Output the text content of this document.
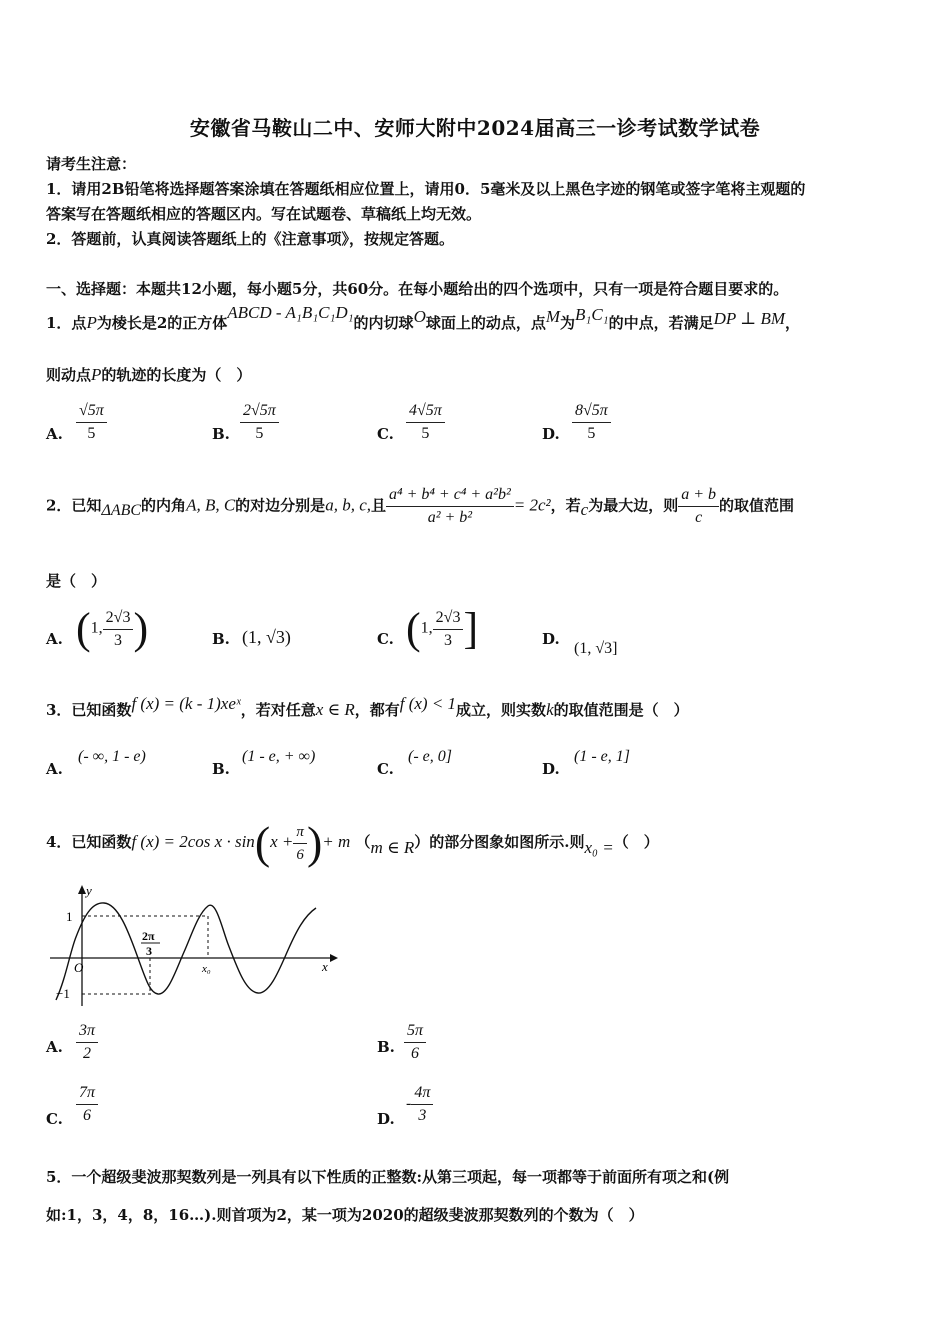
安徽省马鞍山二中、安师大附中2024届高三一诊考试数学试卷
请考生注意：
1．请用2B铅笔将选择题答案涂填在答题纸相应位置上，请用0．5毫米及以上黑色字迹的钢笔或签字笔将主观题的
答案写在答题纸相应的答题区内。写在试题卷、草稿纸上均无效。
2．答题前，认真阅读答题纸上的《注意事项》，按规定答题。
一、选择题：本题共12小题，每小题5分，共60分。在每小题给出的四个选项中，只有一项是符合题目要求的。
1．点P为棱长是2的正方体ABCD - A₁B₁C₁D₁的内切球O球面上的动点，点M为B₁C₁的中点，若满足DP ⊥ BM，
则动点P的轨迹的长度为（　）
A. $\frac{√5\pi}{5}$	B. $\frac{2√5\pi}{5}$	C. $\frac{4√5\pi}{5}$	D. $\frac{8√5\pi}{5}$
2．已知ΔABC的内角A, B, C的对边分别是a, b, c,且 $\frac{\text{a⁴ + b⁴ + c⁴ + a²b²}}{\text{a² + b²}} = 2c^2$，若c为最大边，则 $\frac{a + b}{c}$ 的取值范围
是（　）
A. (1, $\frac{2√3}{3}$ )	B. (1, √3)	C. (1, $\frac{2√3}{3}$ ]	D.
(1, √3]
3．已知函数f (x) = (k - 1)xeˣ，若对任意x ∈ R，都有f (x) < 1成立，则实数k的取值范围是（　）
A.
(- ∞, 1 - e)
B.
(1 - e, + ∞)
C.
(- e, 0]
D.
(1 - e, 1]
4．已知函数f (x) = 2cos $x \cdot \sin(x + \frac{\pi}{6}$ )+ m （m ∈ R）的部分图象如图所示.则x₀ =（　）
y
x
O
1
−1
2π
3
x₀
A. $\frac{3\pi}{2}$	B. $\frac{5\pi}{6}$
C. $\frac{7\pi}{6}$	D.
- $\frac{4\pi}{3}$
5．一个超级斐波那契数列是一列具有以下性质的正整数:从第三项起，每一项都等于前面所有项之和(例
如:1，3，4，8，16…).则首项为2，某一项为2020的超级斐波那契数列的个数为（　）
